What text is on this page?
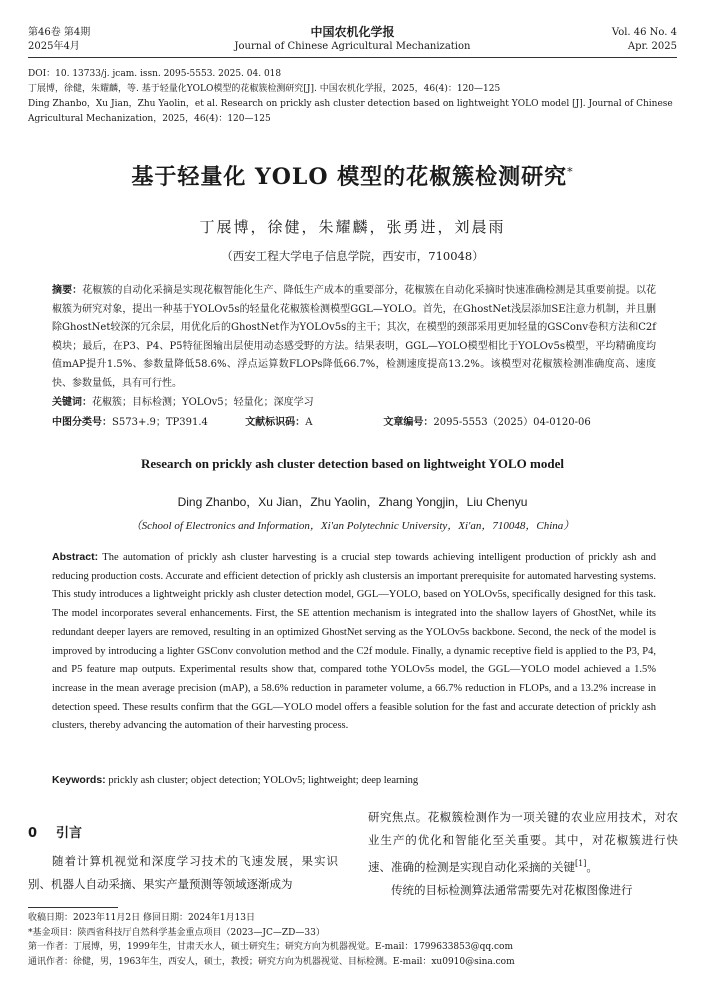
第46卷 第4期
2025年4月
中国农机化学报
Journal of Chinese Agricultural Mechanization
Vol. 46 No. 4
Apr. 2025

DOI：10. 13733/j. jcam. issn. 2095-5553. 2025. 04. 018

丁展博，徐健，朱耀麟，等. 基于轻量化YOLO模型的花椒簇检测研究[J]. 中国农机化学报，2025，46(4)：120—125

Ding Zhanbo，Xu Jian，Zhu Yaolin，et al. Research on prickly ash cluster detection based on lightweight YOLO model [J]. Journal of Chinese Agricultural Mechanization，2025，46(4)：120—125

基于轻量化 YOLO 模型的花椒簇检测研究*
丁展博，徐健，朱耀麟，张勇进，刘晨雨
（西安工程大学电子信息学院，西安市，710048）
摘要：花椒簇的自动化采摘是实现花椒智能化生产、降低生产成本的重要部分，花椒簇在自动化采摘时快速准确检测是其重要前提。以花椒簇为研究对象，提出一种基于YOLOv5s的轻量化花椒簇检测模型GGL—YOLO。首先，在GhostNet浅层添加SE注意力机制，并且删除GhostNet较深的冗余层，用优化后的GhostNet作为YOLOv5s的主干；其次，在模型的颈部采用更加轻量的GSConv卷积方法和C2f模块；最后，在P3、P4、P5特征图输出层使用动态感受野的方法。结果表明，GGL—YOLO模型相比于YOLOv5s模型，平均精确度均值mAP提升1.5%、参数量降低58.6%、浮点运算数FLOPs降低66.7%，检测速度提高13.2%。该模型对花椒簇检测准确度高、速度快、参数量低，具有可行性。
关键词：花椒簇；目标检测；YOLOv5；轻量化；深度学习
中图分类号：S573+.9；TP391.4	文献标识码：A	文章编号：2095-5553（2025）04-0120-06
Research on prickly ash cluster detection based on lightweight YOLO model
Ding Zhanbo，Xu Jian，Zhu Yaolin，Zhang Yongjin，Liu Chenyu
（School of Electronics and Information，Xi'an Polytechnic University，Xi'an，710048，China）
Abstract: The automation of prickly ash cluster harvesting is a crucial step towards achieving intelligent production of prickly ash and reducing production costs. Accurate and efficient detection of prickly ash clustersis an important prerequisite for automated harvesting systems. This study introduces a lightweight prickly ash cluster detection model, GGL—YOLO, based on YOLOv5s, specifically designed for this task. The model incorporates several enhancements. First, the SE attention mechanism is integrated into the shallow layers of GhostNet, while its redundant deeper layers are removed, resulting in an optimized GhostNet serving as the YOLOv5s backbone. Second, the neck of the model is improved by introducing a lighter GSConv convolution method and the C2f module. Finally, a dynamic receptive field is applied to the P3, P4, and P5 feature map outputs. Experimental results show that, compared tothe YOLOv5s model, the GGL—YOLO model achieved a 1.5% increase in the mean average precision (mAP), a 58.6% reduction in parameter volume, a 66.7% reduction in FLOPs, and a 13.2% increase in detection speed. These results confirm that the GGL—YOLO model offers a feasible solution for the fast and accurate detection of prickly ash clusters, thereby advancing the automation of their harvesting process.
Keywords: prickly ash cluster; object detection; YOLOv5; lightweight; deep learning
0 引言
随着计算机视觉和深度学习技术的飞速发展，果实识别、机器人自动采摘、果实产量预测等领域逐渐成为
研究焦点。花椒簇检测作为一项关键的农业应用技术，对农业生产的优化和智能化至关重要。其中，对花椒簇进行快速、准确的检测是实现自动化采摘的关键[1]。
传统的目标检测算法通常需要先对花椒图像进行

收稿日期：2023年11月2日 修回日期：2024年1月13日

*基金项目：陕西省科技厅自然科学基金重点项目（2023—JC—ZD—33）

第一作者：丁展博，男，1999年生，甘肃天水人，硕士研究生；研究方向为机器视觉。E-mail：1799633853@qq.com

通讯作者：徐健，男，1963年生，西安人，硕士，教授；研究方向为机器视觉、目标检测。E-mail：xu0910@sina.com
